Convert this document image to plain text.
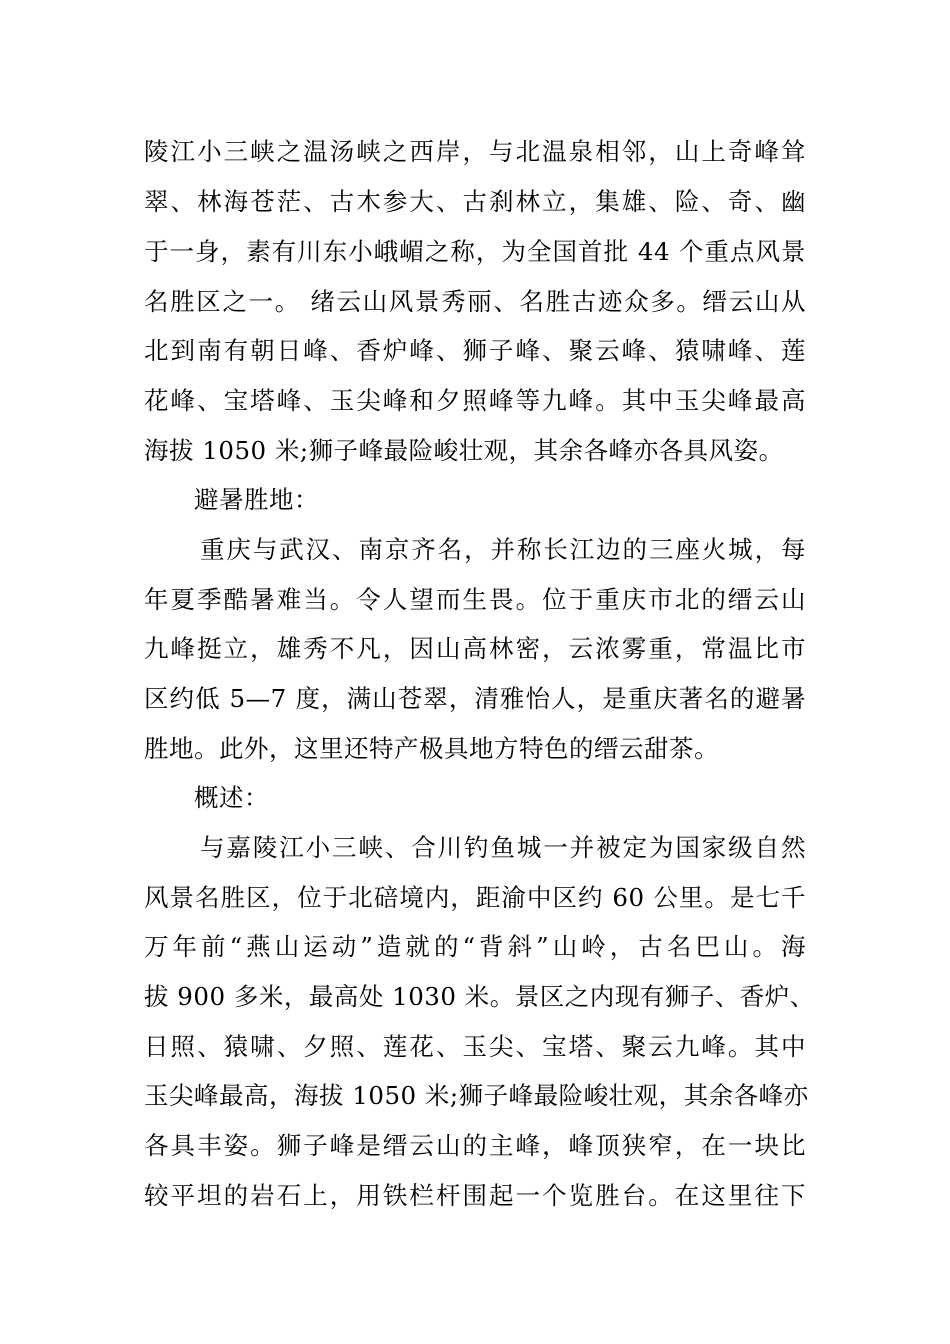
陵江小三峡之温汤峡之西岸，与北温泉相邻，山上奇峰耸
翠、林海苍茫、古木参大、古刹林立，集雄、险、奇、幽
于一身，素有川东小峨嵋之称，为全国首批 44 个重点风景
名胜区之一。 绪云山风景秀丽、名胜古迹众多。缙云山从
北到南有朝日峰、香炉峰、狮子峰、聚云峰、猿啸峰、莲
花峰、宝塔峰、玉尖峰和夕照峰等九峰。其中玉尖峰最高
海拔 1050 米;狮子峰最险峻壮观，其余各峰亦各具风姿。
避暑胜地：
重庆与武汉、南京齐名，并称长江边的三座火城，每
年夏季酷暑难当。令人望而生畏。位于重庆市北的缙云山
九峰挺立，雄秀不凡，因山高林密，云浓雾重，常温比市
区约低 5—7 度，满山苍翠，清雅怡人，是重庆著名的避暑
胜地。此外，这里还特产极具地方特色的缙云甜茶。
概述：
与嘉陵江小三峡、合川钓鱼城一并被定为国家级自然
风景名胜区，位于北碚境内，距渝中区约 60 公里。是七千
万年前“燕山运动”造就的“背斜”山岭，古名巴山。海
拔 900 多米，最高处 1030 米。景区之内现有狮子、香炉、
日照、猿啸、夕照、莲花、玉尖、宝塔、聚云九峰。其中
玉尖峰最高，海拔 1050 米;狮子峰最险峻壮观，其余各峰亦
各具丰姿。狮子峰是缙云山的主峰，峰顶狭窄，在一块比
较平坦的岩石上，用铁栏杆围起一个览胜台。在这里往下
